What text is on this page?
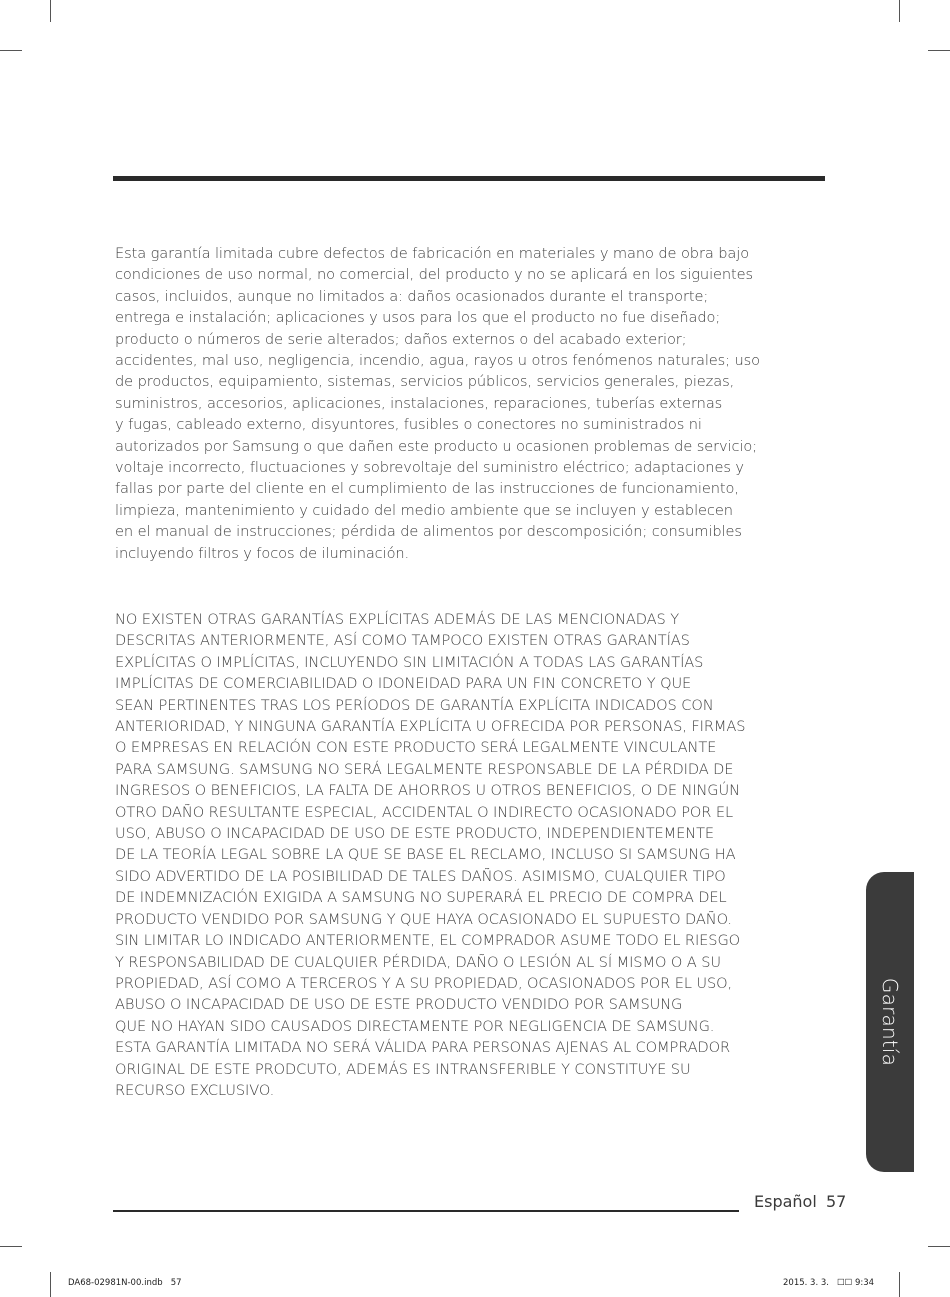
Esta garantía limitada cubre defectos de fabricación en materiales y mano de obra bajo
condiciones de uso normal, no comercial, del producto y no se aplicará en los siguientes
casos, incluidos, aunque no limitados a: daños ocasionados durante el transporte;
entrega e instalación; aplicaciones y usos para los que el producto no fue diseñado;
producto o números de serie alterados; daños externos o del acabado exterior;
accidentes, mal uso, negligencia, incendio, agua, rayos u otros fenómenos naturales; uso
de productos, equipamiento, sistemas, servicios públicos, servicios generales, piezas,
suministros, accesorios, aplicaciones, instalaciones, reparaciones, tuberías externas
y fugas, cableado externo, disyuntores, fusibles o conectores no suministrados ni
autorizados por Samsung o que dañen este producto u ocasionen problemas de servicio;
voltaje incorrecto, fluctuaciones y sobrevoltaje del suministro eléctrico; adaptaciones y
fallas por parte del cliente en el cumplimiento de las instrucciones de funcionamiento,
limpieza, mantenimiento y cuidado del medio ambiente que se incluyen y establecen
en el manual de instrucciones; pérdida de alimentos por descomposición; consumibles
incluyendo filtros y focos de iluminación.
NO EXISTEN OTRAS GARANTÍAS EXPLÍCITAS ADEMÁS DE LAS MENCIONADAS Y
DESCRITAS ANTERIORMENTE, ASÍ COMO TAMPOCO EXISTEN OTRAS GARANTÍAS
EXPLÍCITAS O IMPLÍCITAS, INCLUYENDO SIN LIMITACIÓN A TODAS LAS GARANTÍAS
IMPLÍCITAS DE COMERCIABILIDAD O IDONEIDAD PARA UN FIN CONCRETO Y QUE
SEAN PERTINENTES TRAS LOS PERÍODOS DE GARANTÍA EXPLÍCITA INDICADOS CON
ANTERIORIDAD, Y NINGUNA GARANTÍA EXPLÍCITA U OFRECIDA POR PERSONAS, FIRMAS
O EMPRESAS EN RELACIÓN CON ESTE PRODUCTO SERÁ LEGALMENTE VINCULANTE
PARA SAMSUNG. SAMSUNG NO SERÁ LEGALMENTE RESPONSABLE DE LA PÉRDIDA DE
INGRESOS O BENEFICIOS, LA FALTA DE AHORROS U OTROS BENEFICIOS, O DE NINGÚN
OTRO DAÑO RESULTANTE ESPECIAL, ACCIDENTAL O INDIRECTO OCASIONADO POR EL
USO, ABUSO O INCAPACIDAD DE USO DE ESTE PRODUCTO, INDEPENDIENTEMENTE
DE LA TEORÍA LEGAL SOBRE LA QUE SE BASE EL RECLAMO, INCLUSO SI SAMSUNG HA
SIDO ADVERTIDO DE LA POSIBILIDAD DE TALES DAÑOS. ASIMISMO, CUALQUIER TIPO
DE INDEMNIZACIÓN EXIGIDA A SAMSUNG NO SUPERARÁ EL PRECIO DE COMPRA DEL
PRODUCTO VENDIDO POR SAMSUNG Y QUE HAYA OCASIONADO EL SUPUESTO DAÑO.
SIN LIMITAR LO INDICADO ANTERIORMENTE, EL COMPRADOR ASUME TODO EL RIESGO
Y RESPONSABILIDAD DE CUALQUIER PÉRDIDA, DAÑO O LESIÓN AL SÍ MISMO O A SU
PROPIEDAD, ASÍ COMO A TERCEROS Y A SU PROPIEDAD, OCASIONADOS POR EL USO,
ABUSO O INCAPACIDAD DE USO DE ESTE PRODUCTO VENDIDO POR SAMSUNG
QUE NO HAYAN SIDO CAUSADOS DIRECTAMENTE POR NEGLIGENCIA DE SAMSUNG.
ESTA GARANTÍA LIMITADA NO SERÁ VÁLIDA PARA PERSONAS AJENAS AL COMPRADOR
ORIGINAL DE ESTE PRODCUTO, ADEMÁS ES INTRANSFERIBLE Y CONSTITUYE SU
RECURSO EXCLUSIVO.
Garantía
Español 57
DA68-02981N-00.indb   57	2015. 3. 3.   ☐☐ 9:34
